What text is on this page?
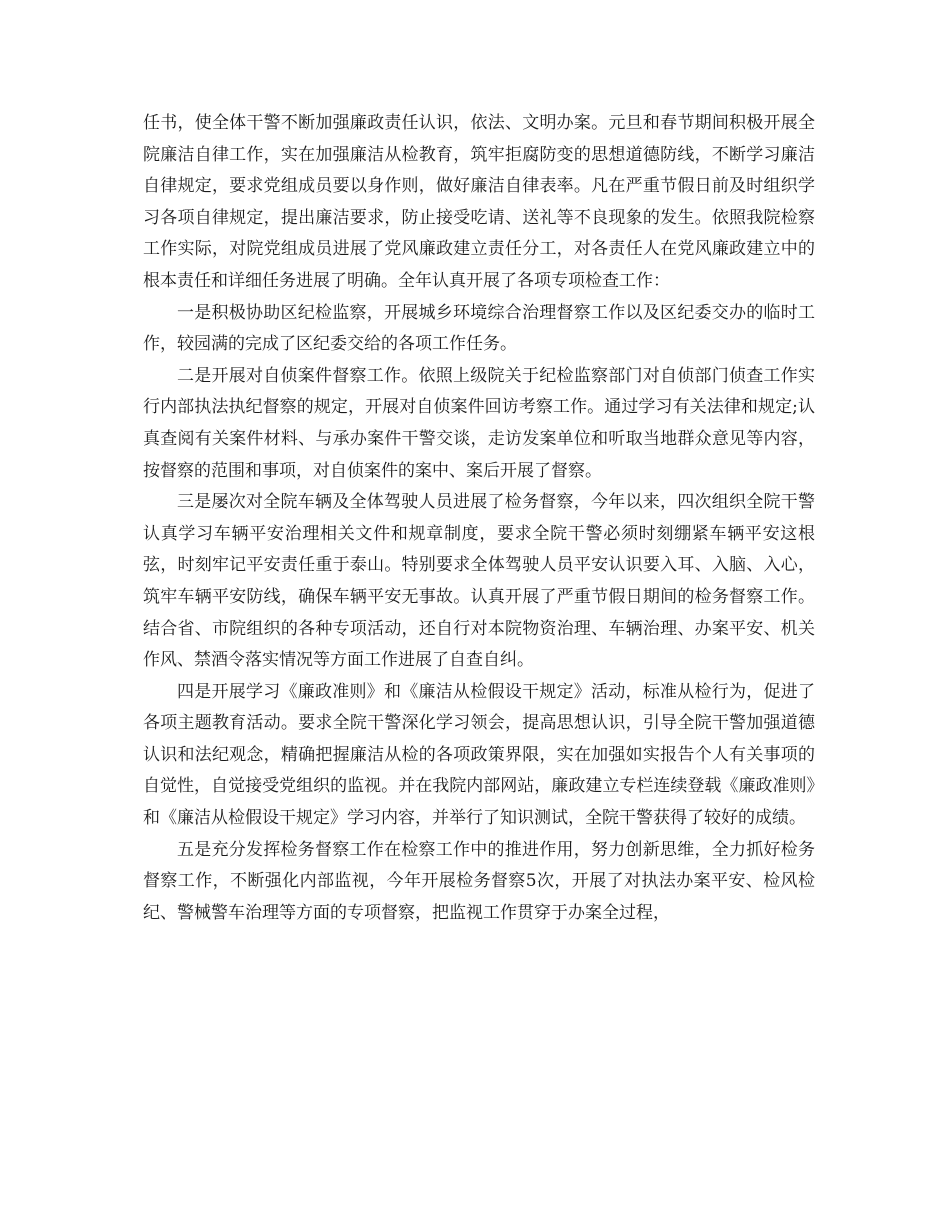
任书，使全体干警不断加强廉政责任认识，依法、文明办案。元旦和春节期间积极开展全院廉洁自律工作，实在加强廉洁从检教育，筑牢拒腐防变的思想道德防线，不断学习廉洁自律规定，要求党组成员要以身作则，做好廉洁自律表率。凡在严重节假日前及时组织学习各项自律规定，提出廉洁要求，防止接受吃请、送礼等不良现象的发生。依照我院检察工作实际，对院党组成员进展了党风廉政建立责任分工，对各责任人在党风廉政建立中的根本责任和详细任务进展了明确。全年认真开展了各项专项检查工作：

一是积极协助区纪检监察，开展城乡环境综合治理督察工作以及区纪委交办的临时工作，较园满的完成了区纪委交给的各项工作任务。

二是开展对自侦案件督察工作。依照上级院关于纪检监察部门对自侦部门侦查工作实行内部执法执纪督察的规定，开展对自侦案件回访考察工作。通过学习有关法律和规定;认真查阅有关案件材料、与承办案件干警交谈，走访发案单位和听取当地群众意见等内容，按督察的范围和事项，对自侦案件的案中、案后开展了督察。

三是屡次对全院车辆及全体驾驶人员进展了检务督察，今年以来，四次组织全院干警认真学习车辆平安治理相关文件和规章制度，要求全院干警必须时刻绷紧车辆平安这根弦，时刻牢记平安责任重于泰山。特别要求全体驾驶人员平安认识要入耳、入脑、入心，筑牢车辆平安防线，确保车辆平安无事故。认真开展了严重节假日期间的检务督察工作。结合省、市院组织的各种专项活动，还自行对本院物资治理、车辆治理、办案平安、机关作风、禁酒令落实情况等方面工作进展了自查自纠。

四是开展学习《廉政准则》和《廉洁从检假设干规定》活动，标准从检行为，促进了各项主题教育活动。要求全院干警深化学习领会，提高思想认识，引导全院干警加强道德认识和法纪观念，精确把握廉洁从检的各项政策界限，实在加强如实报告个人有关事项的自觉性，自觉接受党组织的监视。并在我院内部网站，廉政建立专栏连续登载《廉政准则》和《廉洁从检假设干规定》学习内容，并举行了知识测试，全院干警获得了较好的成绩。

五是充分发挥检务督察工作在检察工作中的推进作用，努力创新思维，全力抓好检务督察工作，不断强化内部监视，今年开展检务督察5次，开展了对执法办案平安、检风检纪、警械警车治理等方面的专项督察，把监视工作贯穿于办案全过程，
